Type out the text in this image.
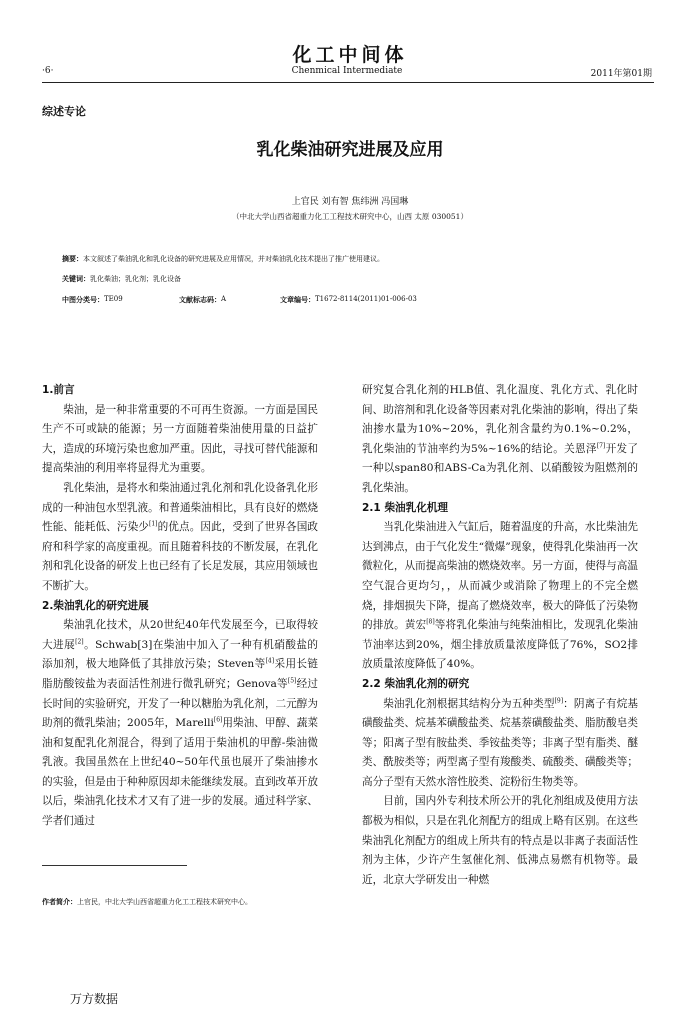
化工中间体
·6·	Chenmical Intermediate	2011年第01期
综述专论
乳化柴油研究进展及应用
上官民 刘有智 焦纬洲 冯国琳
（中北大学山西省超重力化工工程技术研究中心，山西 太原 030051）
摘要：本文叙述了柴油乳化和乳化设备的研究进展及应用情况，并对柴油乳化技术提出了推广使用建议。
关键词：乳化柴油；乳化剂；乳化设备
中图分类号： TE09	文献标志码： A	文章编号： T1672-8114(2011)01-006-03
1.前言

柴油，是一种非常重要的不可再生资源。一方面是国民生产不可或缺的能源；另一方面随着柴油使用量的日益扩大，造成的环境污染也愈加严重。因此，寻找可替代能源和提高柴油的利用率将显得尤为重要。

乳化柴油，是将水和柴油通过乳化剂和乳化设备乳化形成的一种油包水型乳液。和普通柴油相比，具有良好的燃烧性能、能耗低、污染少[1]的优点。因此，受到了世界各国政府和科学家的高度重视。而且随着科技的不断发展，在乳化剂和乳化设备的研发上也已经有了长足发展，其应用领域也不断扩大。

2.柴油乳化的研究进展

柴油乳化技术，从20世纪40年代发展至今，已取得较大进展[2]。Schwab[3]在柴油中加入了一种有机硝酸盐的添加剂，极大地降低了其排放污染；Steven等[4]采用长链脂肪酸铵盐为表面活性剂进行微乳研究；Genova等[5]经过长时间的实验研究，开发了一种以糖胎为乳化剂，二元醇为助剂的微乳柴油；2005年，Marelli[6]用柴油、甲醇、蔬菜油和复配乳化剂混合，得到了适用于柴油机的甲醇-柴油微乳液。我国虽然在上世纪40~50年代虽也展开了柴油掺水的实验，但是由于种种原因却未能继续发展。直到改革开放以后，柴油乳化技术才又有了进一步的发展。通过科学家、学者们通过

研究复合乳化剂的HLB值、乳化温度、乳化方式、乳化时间、助溶剂和乳化设备等因素对乳化柴油的影响，得出了柴油掺水量为10%~20%，乳化剂含量约为0.1%~0.2%，乳化柴油的节油率约为5%~16%的结论。关恩泽[7]开发了一种以span80和ABS-Ca为乳化剂、以硝酸铵为阻燃剂的乳化柴油。

2.1 柴油乳化机理

当乳化柴油进入气缸后，随着温度的升高，水比柴油先达到沸点，由于气化发生“微爆”现象，使得乳化柴油再一次微粒化，从而提高柴油的燃烧效率。另一方面，使得与高温空气混合更均匀，，从而减少或消除了物理上的不完全燃烧，排烟损失下降，提高了燃烧效率，极大的降低了污染物的排放。黄宏[8]等将乳化柴油与纯柴油相比，发现乳化柴油节油率达到20%，烟尘排放质量浓度降低了76%，SO2排放质量浓度降低了40%。

2.2 柴油乳化剂的研究

柴油乳化剂根据其结构分为五种类型[9]：阴离子有烷基磺酸盐类、烷基苯磺酸盐类、烷基萘磺酸盐类、脂肪酸皂类等；阳离子型有胺盐类、季铵盐类等；非离子型有脂类、醚类、酰胺类等；两型离子型有羧酸类、硫酸类、磺酸类等；高分子型有天然水溶性胶类、淀粉衍生物类等。

目前，国内外专利技术所公开的乳化剂组成及使用方法都极为相似，只是在乳化剂配方的组成上略有区别。在这些柴油乳化剂配方的组成上所共有的特点是以非离子表面活性剂为主体，少许产生氢催化剂、低沸点易燃有机物等。最近，北京大学研发出一种燃

作者简介：上官民，中北大学山西省超重力化工工程技术研究中心。
万方数据
